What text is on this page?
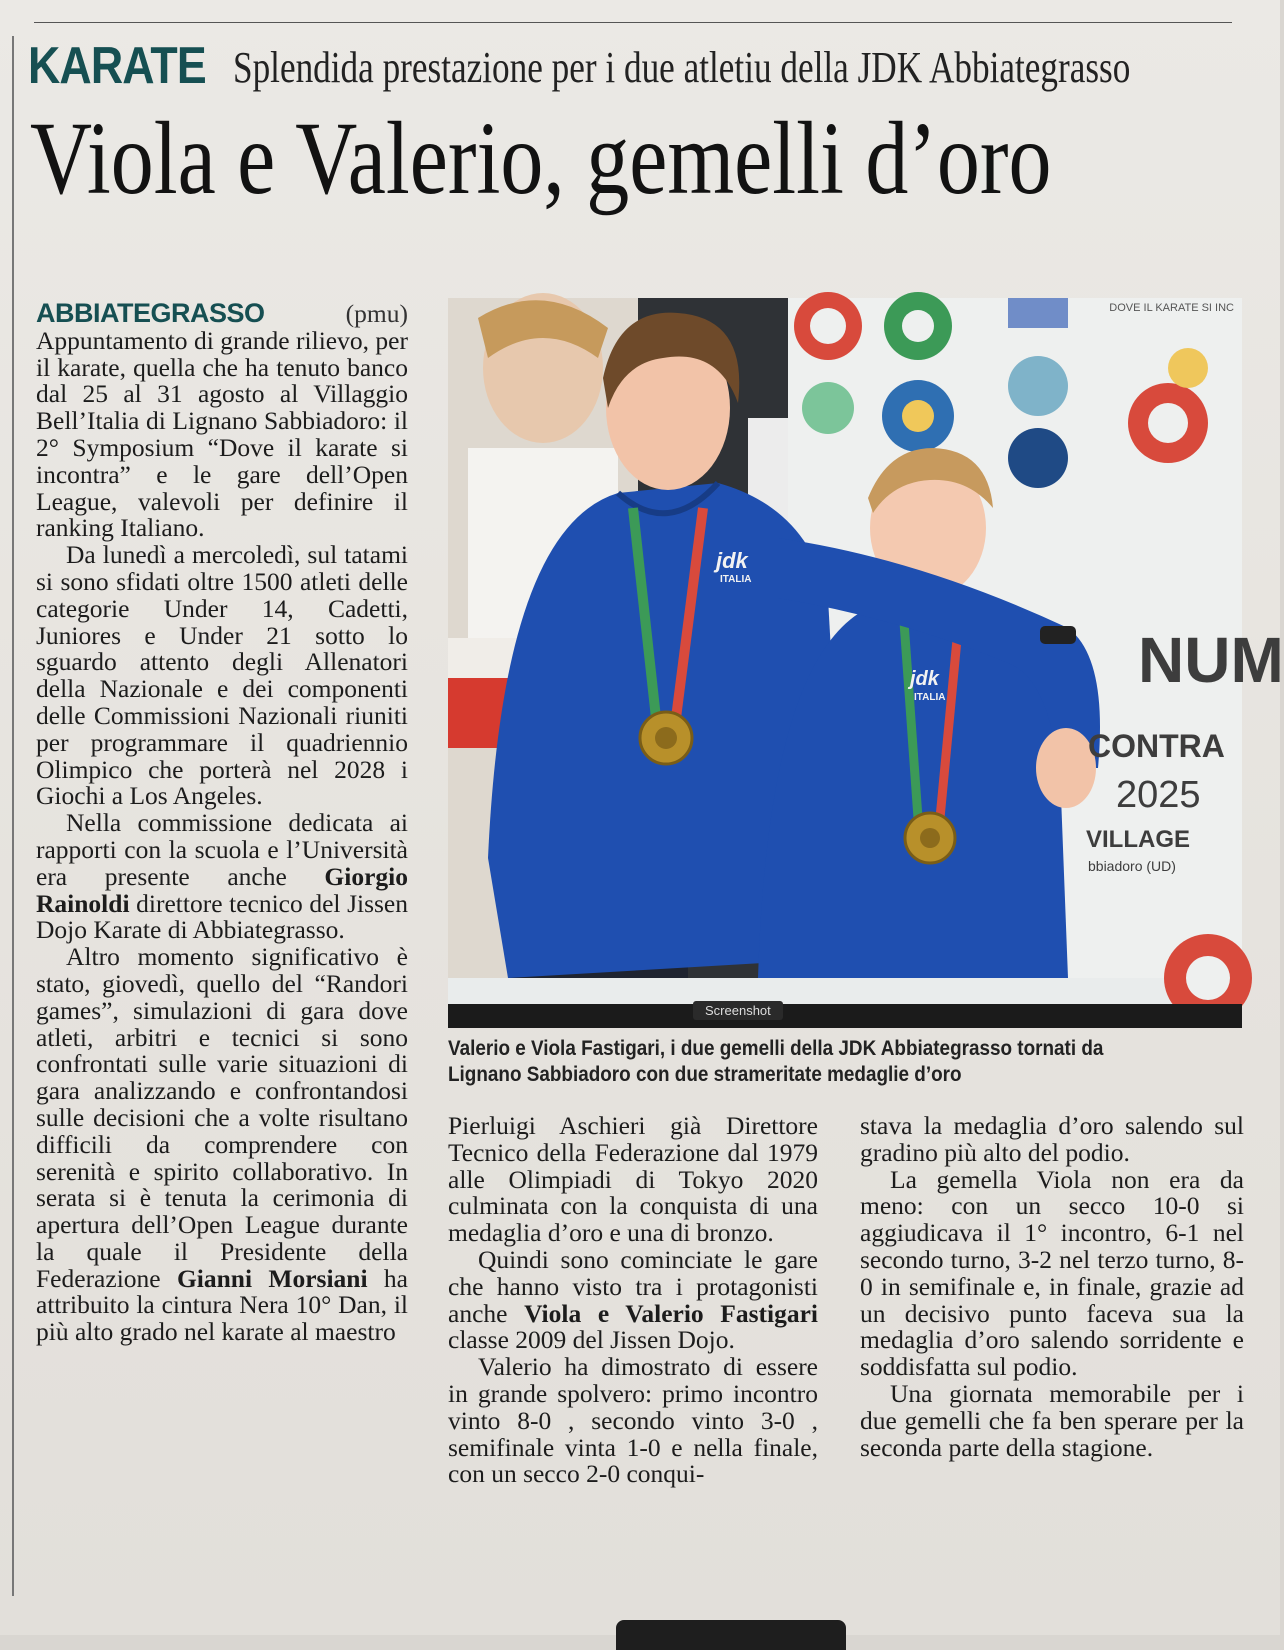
KARATE Splendida prestazione per i due atletiu della JDK Abbiategrasso
Viola e Valerio, gemelli d’oro

ABBIATEGRASSO	(pmu) Appuntamento di grande rilievo, per il karate, quella che ha tenuto banco dal 25 al 31 agosto al Villaggio Bell’Italia di Lignano Sabbiadoro: il 2° Symposium “Dove il karate si incontra” e le gare dell’Open League, valevoli per definire il ranking Italiano.

Da lunedì a mercoledì, sul tatami si sono sfidati oltre 1500 atleti delle categorie Under 14, Cadetti, Juniores e Under 21 sotto lo sguardo attento degli Allenatori della Nazionale e dei componenti delle Commissioni Nazionali riuniti per programmare il quadriennio Olimpico che porterà nel 2028 i Giochi a Los Angeles.

Nella commissione dedicata ai rapporti con la scuola e l’Università era presente anche Giorgio Rainoldi direttore tecnico del Jissen Dojo Karate di Abbiategrasso.

Altro momento significativo è stato, giovedì, quello del “Randori games”, simulazioni di gara dove atleti, arbitri e tecnici si sono confrontati sulle varie situazioni di gara analizzando e confrontandosi sulle decisioni che a volte risultano difficili da comprendere con serenità e spirito collaborativo. In serata si è tenuta la cerimonia di apertura dell’Open League durante la quale il Presidente della Federazione Gianni Morsiani ha attribuito la cintura Nera 10° Dan, il più alto grado nel karate al maestro

DOVE IL KARATE SI INC
jdk
ITALIA
jdk
ITALIA
NUM
CONTRA
2025
VILLAGE
bbiadoro (UD)
Screenshot
Valerio e Viola Fastigari, i due gemelli della JDK Abbiategrasso tornati da
Lignano Sabbiadoro con due strameritate medaglie d’oro

Pierluigi Aschieri già Direttore Tecnico della Federazione dal 1979 alle Olimpiadi di Tokyo 2020 culminata con la conquista di una medaglia d’oro e una di bronzo.

Quindi sono cominciate le gare che hanno visto tra i protagonisti anche Viola e Valerio Fastigari classe 2009 del Jissen Dojo.

Valerio ha dimostrato di essere in grande spolvero: primo incontro vinto 8-0 , secondo vinto 3-0 , semifinale vinta 1-0 e nella finale, con un secco 2-0 conqui-

stava la medaglia d’oro salendo sul gradino più alto del podio.

La gemella Viola non era da meno: con un secco 10-0 si aggiudicava il 1° incontro, 6-1 nel secondo turno, 3-2 nel terzo turno, 8-0 in semifinale e, in finale, grazie ad un decisivo punto faceva sua la medaglia d’oro salendo sorridente e soddisfatta sul podio.

Una giornata memorabile per i due gemelli che fa ben sperare per la seconda parte della stagione.
